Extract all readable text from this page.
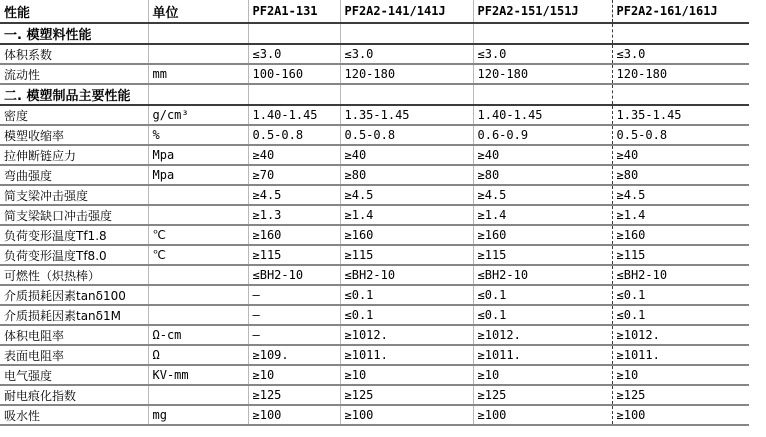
性能	单位	PF2A1-131	PF2A2-141/141J	PF2A2-151/151J	PF2A2-161/161J
一. 模塑料性能					
体积系数		≤3.0	≤3.0	≤3.0	≤3.0
流动性	mm	100-160	120-180	120-180	120-180
二. 模塑制品主要性能					
密度	g/cm³	1.40-1.45	1.35-1.45	1.40-1.45	1.35-1.45
模塑收缩率	%	0.5-0.8	0.5-0.8	0.6-0.9	0.5-0.8
拉伸断链应力	Mpa	≥40	≥40	≥40	≥40
弯曲强度	Mpa	≥70	≥80	≥80	≥80
简支梁冲击强度		≥4.5	≥4.5	≥4.5	≥4.5
简支梁缺口冲击强度		≥1.3	≥1.4	≥1.4	≥1.4
负荷变形温度Tf1.8	℃	≥160	≥160	≥160	≥160
负荷变形温度Tf8.0	℃	≥115	≥115	≥115	≥115
可燃性（炽热棒）		≤BH2-10	≤BH2-10	≤BH2-10	≤BH2-10
介质损耗因素tanδ100		—	≤0.1	≤0.1	≤0.1
介质损耗因素tanδ1M		—	≤0.1	≤0.1	≤0.1
体积电阻率	Ω-cm	—	≥1012.	≥1012.	≥1012.
表面电阻率	Ω	≥109.	≥1011.	≥1011.	≥1011.
电气强度	KV-mm	≥10	≥10	≥10	≥10
耐电痕化指数		≥125	≥125	≥125	≥125
吸水性	mg	≥100	≥100	≥100	≥100
